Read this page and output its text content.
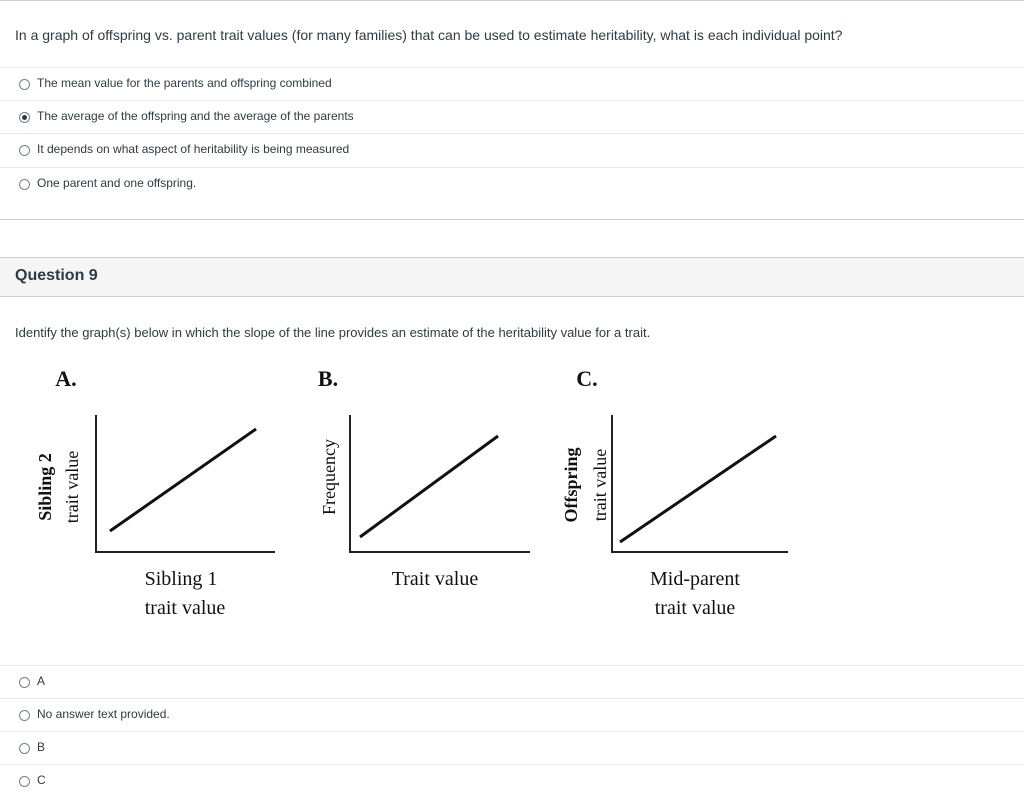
In a graph of offspring vs. parent trait values (for many families) that can be used to estimate heritability, what is each individual point?
The mean value for the parents and offspring combined
The average of the offspring and the average of the parents
It depends on what aspect of heritability is being measured
One parent and one offspring.
Question 9
Identify the graph(s) below in which the slope of the line provides an estimate of the heritability value for a trait.
A.
Sibling 2 trait value
Sibling 1
trait value
B.
Frequency
Trait value
C.
Offspring trait value
Mid-parent
trait value
A
No answer text provided.
B
C
